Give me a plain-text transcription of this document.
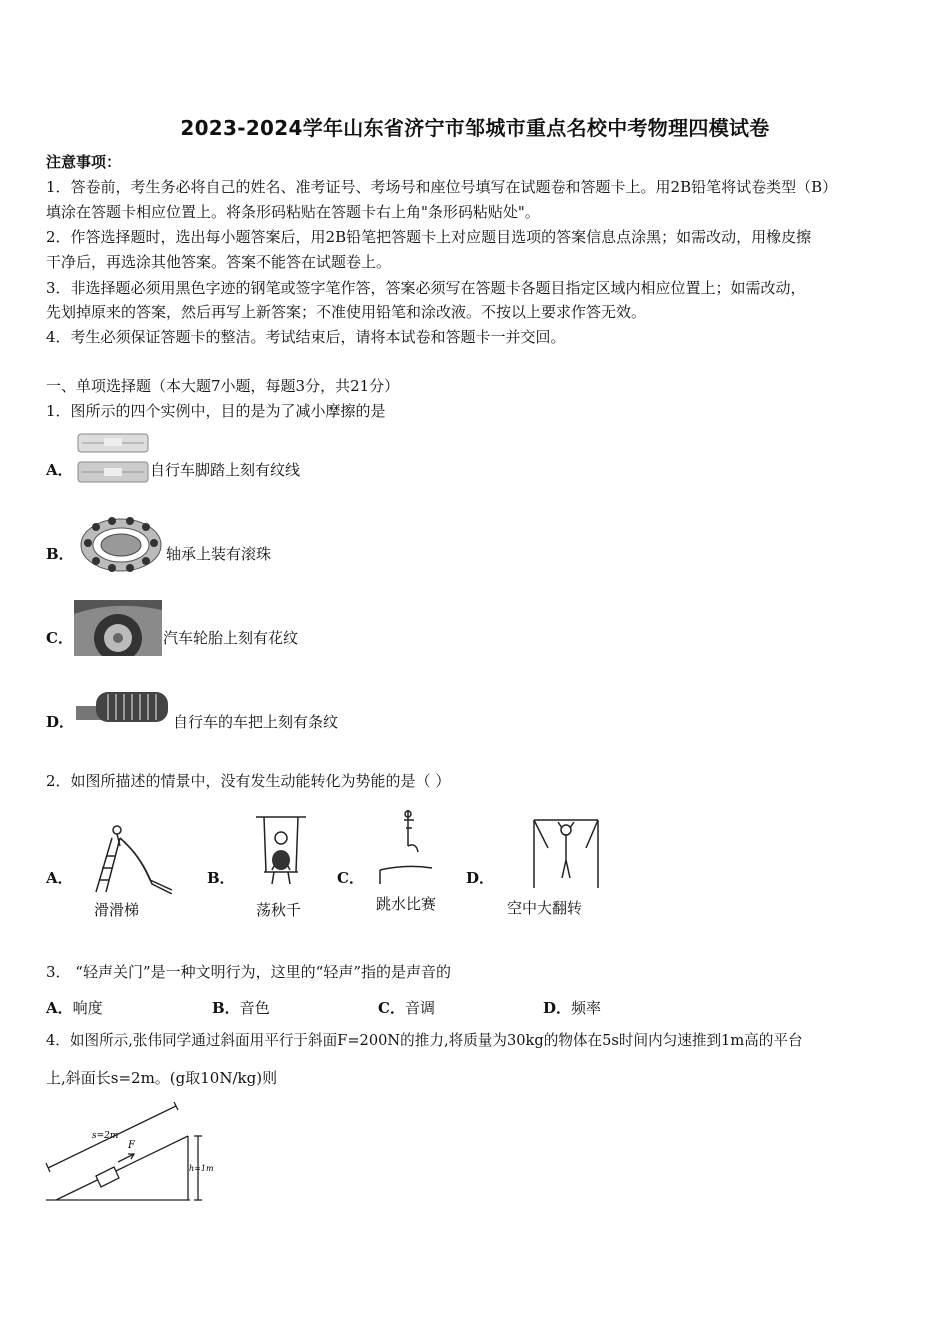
2023-2024学年山东省济宁市邹城市重点名校中考物理四模试卷
注意事项：
1．答卷前，考生务必将自己的姓名、准考证号、考场号和座位号填写在试题卷和答题卡上。用2B铅笔将试卷类型（B）
填涂在答题卡相应位置上。将条形码粘贴在答题卡右上角"条形码粘贴处"。
2．作答选择题时，选出每小题答案后，用2B铅笔把答题卡上对应题目选项的答案信息点涂黑；如需改动，用橡皮擦
干净后，再选涂其他答案。答案不能答在试题卷上。
3．非选择题必须用黑色字迹的钢笔或签字笔作答，答案必须写在答题卡各题目指定区域内相应位置上；如需改动，
先划掉原来的答案，然后再写上新答案；不准使用铅笔和涂改液。不按以上要求作答无效。
4．考生必须保证答题卡的整洁。考试结束后，请将本试卷和答题卡一并交回。
一、单项选择题（本大题7小题，每题3分，共21分）
1．图所示的四个实例中，目的是为了减小摩擦的是
A．	自行车脚踏上刻有纹线
B．	轴承上装有滚珠
C．	汽车轮胎上刻有花纹
D．	自行车的车把上刻有条纹
2．如图所描述的情景中，没有发生动能转化为势能的是（ ）
A．
滑滑梯
B．
荡秋千
C．
跳水比赛
D．
空中大翻转
3． “轻声关门”是一种文明行为，这里的“轻声”指的是声音的
A．响度	B．音色	C．音调	D．频率
4．如图所示,张伟同学通过斜面用平行于斜面F=200N的推力,将质量为30kg的物体在5s时间内匀速推到1m高的平台
上,斜面长s=2m。(g取10N/kg)则
s=2m
F
h=1m
